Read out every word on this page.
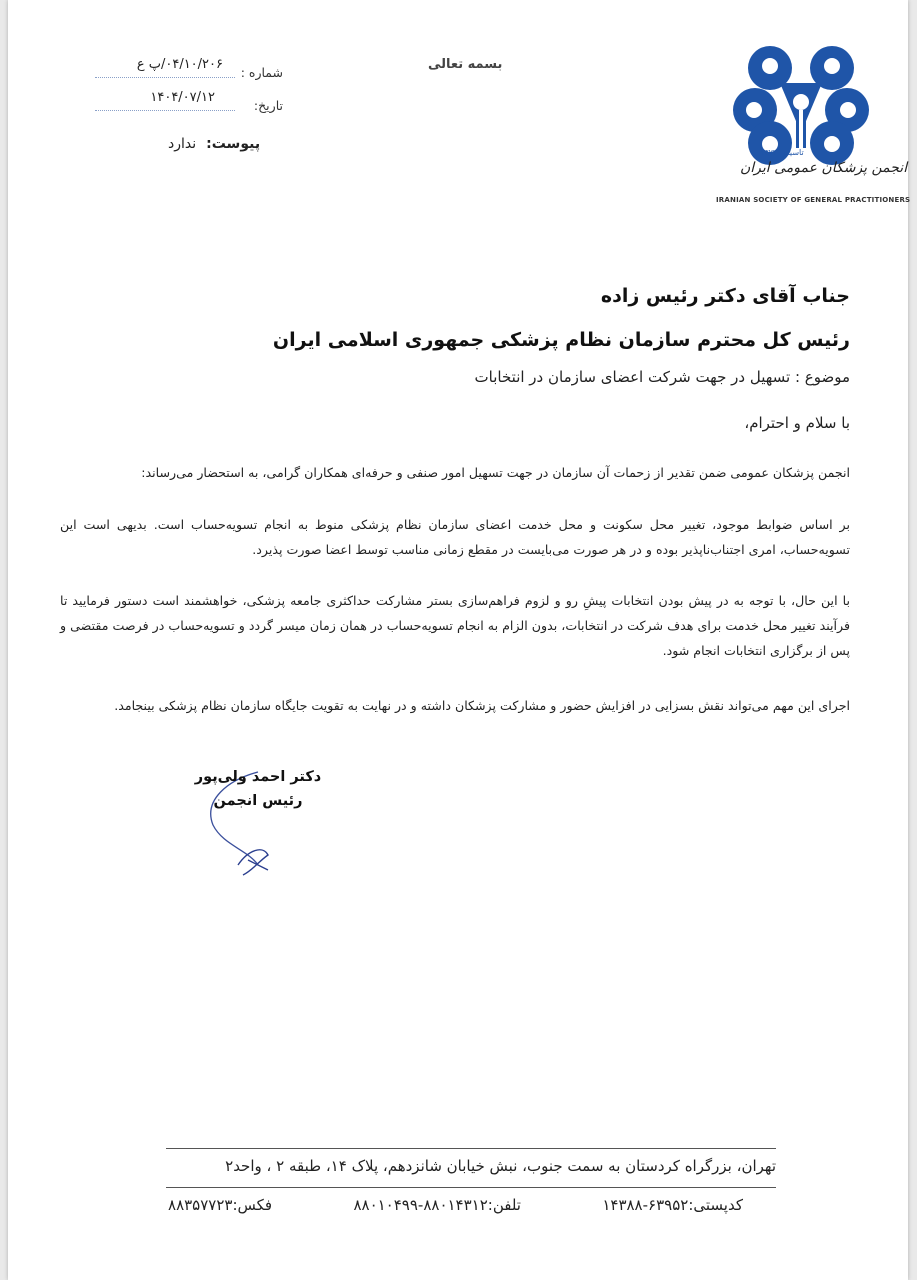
بسمه تعالی
شماره :
۰۴/۱۰/۲۰۶/پ ع
تاریخ:
۱۴۰۴/۰۷/۱۲
پیوست:ندارد
تاسیس ۱۳۷۲
انجمن پزشکان عمومی ایران
IRANIAN SOCIETY OF GENERAL PRACTITIONERS
جناب آقای دکتر رئیس زاده
رئیس کل محترم سازمان نظام پزشکی جمهوری اسلامی ایران
موضوع : تسهیل در جهت شرکت اعضای سازمان در انتخابات
با سلام و احترام،
انجمن پزشکان عمومی ضمن تقدیر از زحمات آن سازمان در جهت تسهیل امور صنفی و حرفه‌ای همکاران گرامی، به استحضار می‌رساند:
بر اساس ضوابط موجود، تغییر محل سکونت و محل خدمت اعضای سازمان نظام پزشکی منوط به انجام تسویه‌حساب است. بدیهی است این تسویه‌حساب، امری اجتناب‌ناپذیر بوده و در هر صورت می‌بایست در مقطع زمانی مناسب توسط اعضا صورت پذیرد.
با این حال، با توجه به در پیش بودن انتخابات پیشِ رو و لزوم فراهم‌سازی بستر مشارکت حداکثری جامعه پزشکی، خواهشمند است دستور فرمایید تا فرآیند تغییر محل خدمت برای هدف شرکت در انتخابات، بدون الزام به انجام تسویه‌حساب در همان زمان میسر گردد و تسویه‌حساب در فرصت مقتضی و پس از برگزاری انتخابات انجام شود.
اجرای این مهم می‌تواند نقش بسزایی در افزایش حضور و مشارکت پزشکان داشته و در نهایت به تقویت جایگاه سازمان نظام پزشکی بینجامد.
دکتر احمد ولی‌پور
رئیس انجمن
تهران، بزرگراه کردستان به سمت جنوب، نبش خیابان شانزدهم، پلاک ۱۴، طبقه ۲ ، واحد۲
کدپستی:۶۳۹۵۲-۱۴۳۸۸
تلفن:۸۸۰۱۴۳۱۲-۸۸۰۱۰۴۹۹
فکس:۸۸۳۵۷۷۲۳
